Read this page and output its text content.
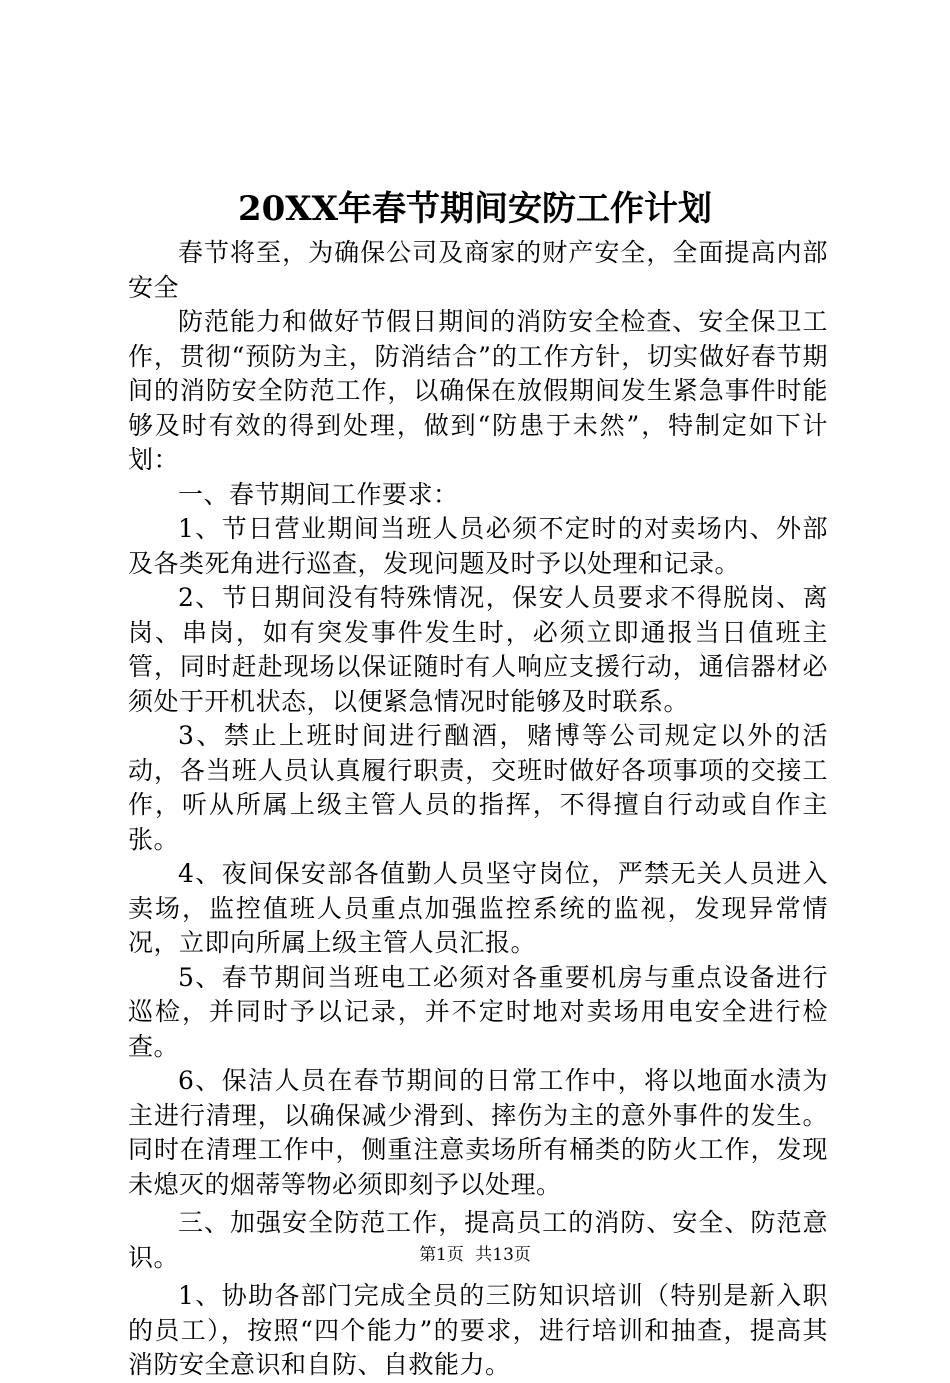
20XX年春节期间安防工作计划

春节将至，为确保公司及商家的财产安全，全面提高内部安全

防范能力和做好节假日期间的消防安全检查、安全保卫工作，贯彻“预防为主，防消结合”的工作方针，切实做好春节期间的消防安全防范工作，以确保在放假期间发生紧急事件时能够及时有效的得到处理，做到“防患于未然”，特制定如下计划：

一、春节期间工作要求：

1、节日营业期间当班人员必须不定时的对卖场内、外部及各类死角进行巡查，发现问题及时予以处理和记录。

2、节日期间没有特殊情况，保安人员要求不得脱岗、离岗、串岗，如有突发事件发生时，必须立即通报当日值班主管，同时赶赴现场以保证随时有人响应支援行动，通信器材必须处于开机状态，以便紧急情况时能够及时联系。

3、禁止上班时间进行酗酒，赌博等公司规定以外的活动，各当班人员认真履行职责，交班时做好各项事项的交接工作，听从所属上级主管人员的指挥，不得擅自行动或自作主张。

4、夜间保安部各值勤人员坚守岗位，严禁无关人员进入卖场，监控值班人员重点加强监控系统的监视，发现异常情况，立即向所属上级主管人员汇报。

5、春节期间当班电工必须对各重要机房与重点设备进行巡检，并同时予以记录，并不定时地对卖场用电安全进行检查。

6、保洁人员在春节期间的日常工作中，将以地面水渍为主进行清理，以确保减少滑到、摔伤为主的意外事件的发生。同时在清理工作中，侧重注意卖场所有桶类的防火工作，发现未熄灭的烟蒂等物必须即刻予以处理。

三、加强安全防范工作，提高员工的消防、安全、防范意识。

1、协助各部门完成全员的三防知识培训（特别是新入职的员工），按照“四个能力”的要求，进行培训和抽查，提高其消防安全意识和自防、自救能力。

第1页 共13页
